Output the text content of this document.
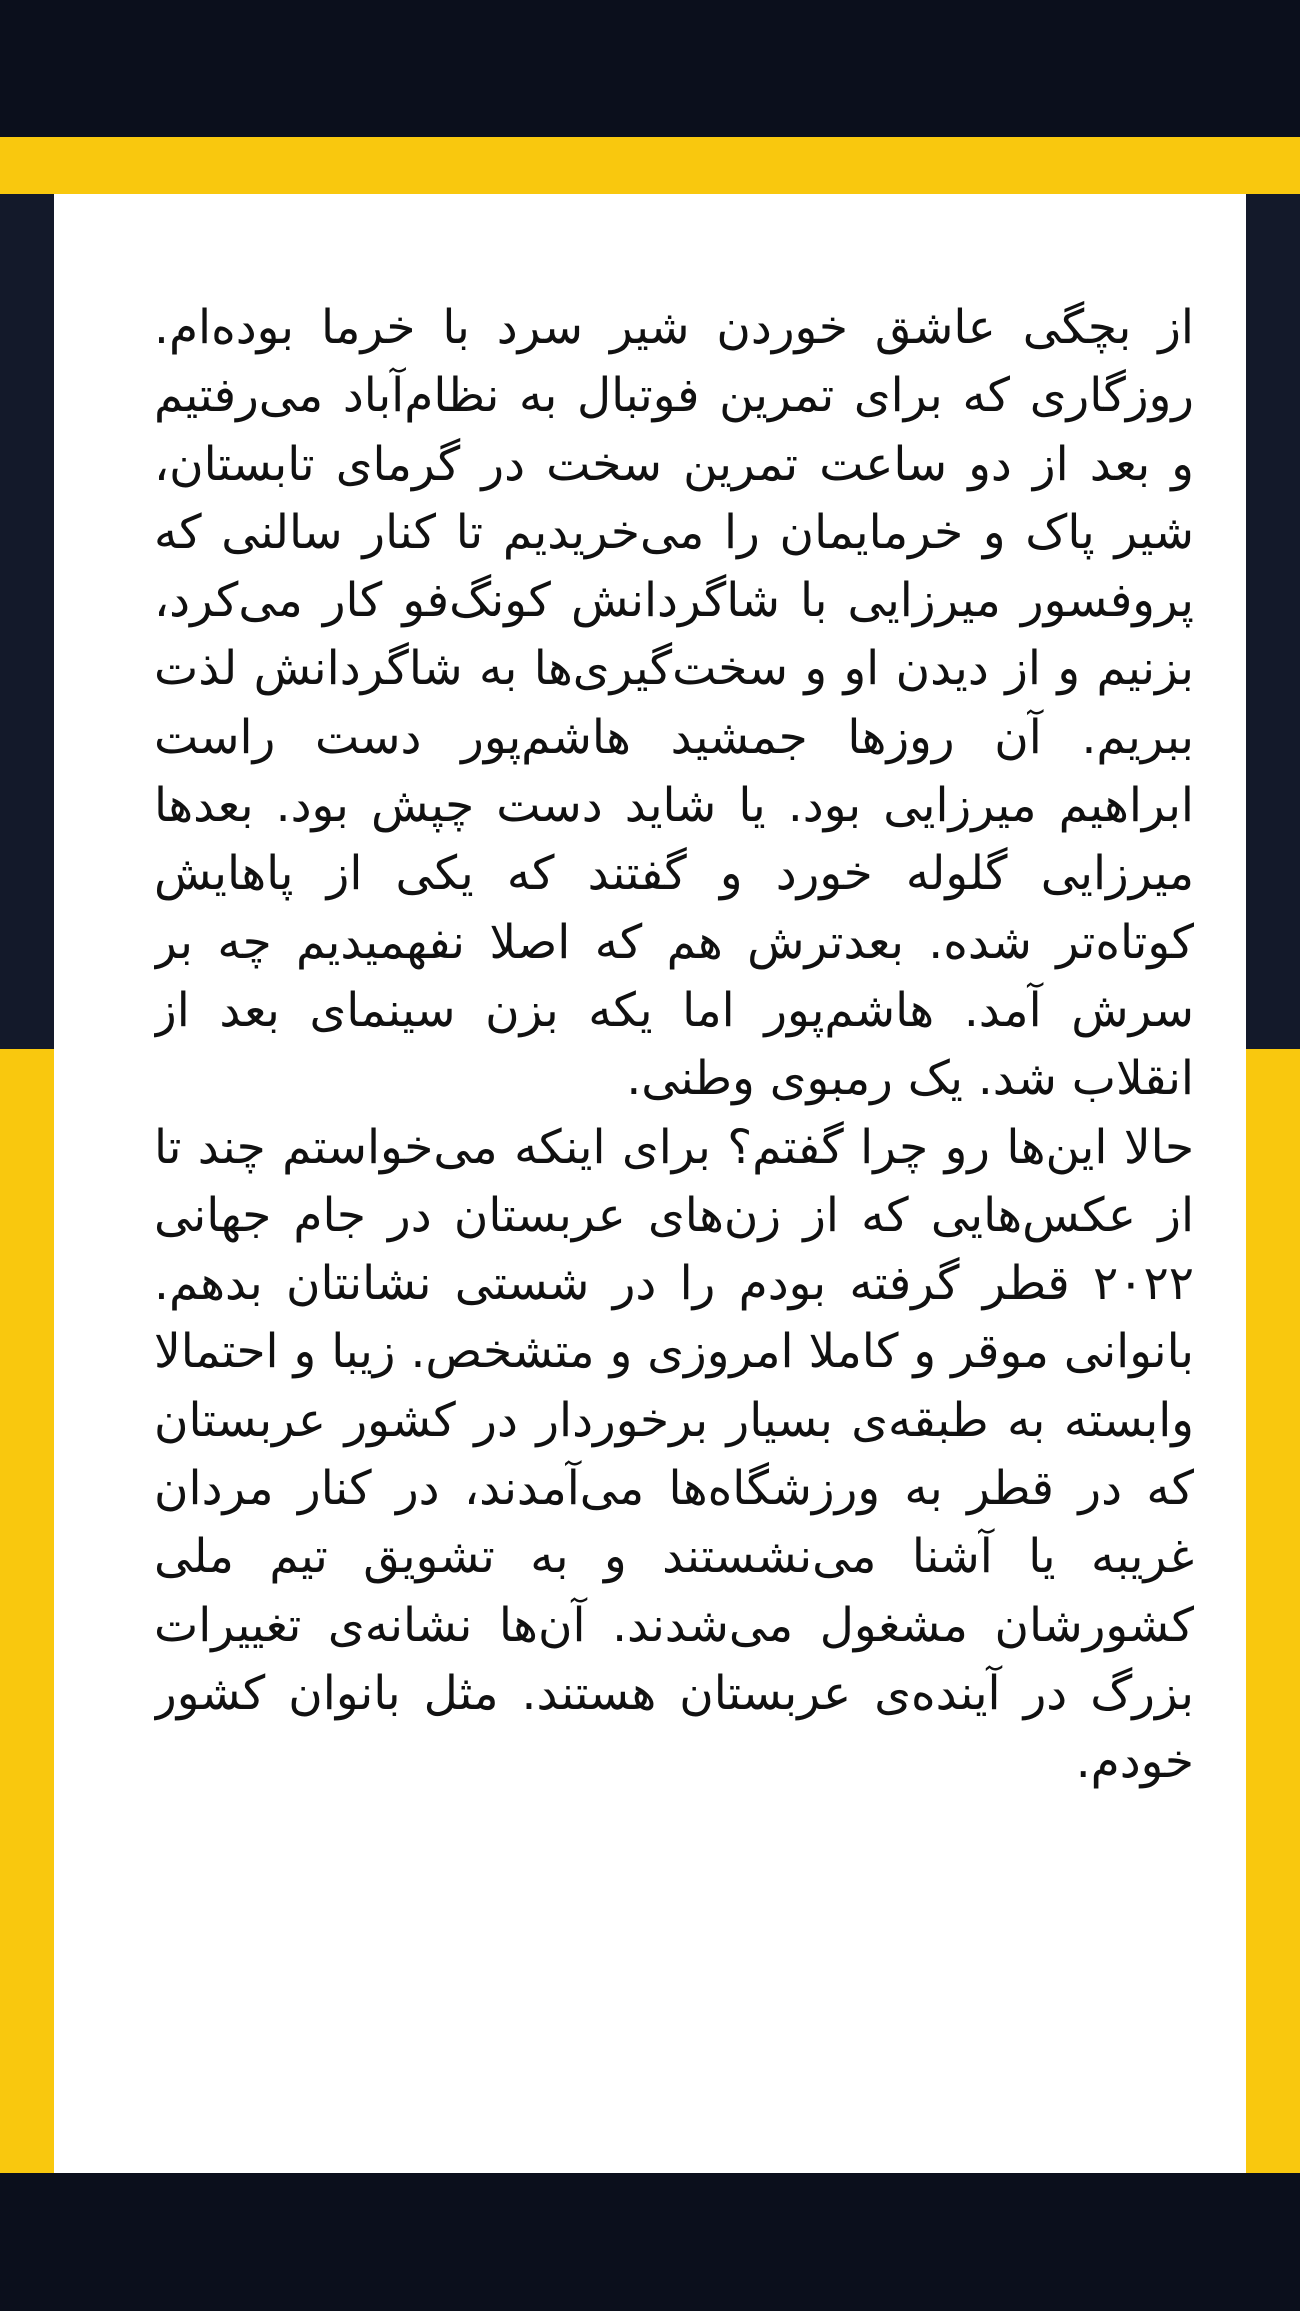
از بچگی عاشق خوردن شیر سرد با خرما بوده‌ام. روزگاری که برای تمرین فوتبال به نظام‌آباد می‌رفتیم و بعد از دو ساعت تمرین سخت در گرمای تابستان، شیر پاک و خرمایمان را می‌خریدیم تا کنار سالنی که پروفسور میرزایی با شاگردانش کونگ‌فو کار می‌کرد، بزنیم و از دیدن او و سخت‌گیری‌ها به شاگردانش لذت ببریم. آن روزها جمشید هاشم‌پور دست راست ابراهیم میرزایی بود. یا شاید دست چپش بود. بعدها میرزایی گلوله خورد و گفتند که یکی از پاهایش کوتاه‌تر شده. بعدترش هم که اصلا نفهمیدیم چه بر سرش آمد. هاشم‌پور اما یکه بزن سینمای بعد از انقلاب شد. یک رمبوی وطنی.

حالا این‌ها رو چرا گفتم؟ برای اینکه می‌خواستم چند تا از عکس‌هایی که از زن‌های عربستان در جام جهانی ۲۰۲۲ قطر گرفته بودم را در شستی نشانتان بدهم. بانوانی موقر و کاملا امروزی و متشخص. زیبا و احتمالا وابسته به طبقه‌ی بسیار برخوردار در کشور عربستان که در قطر به ورزشگاه‌ها می‌آمدند، در کنار مردان غریبه یا آشنا می‌نشستند و به تشویق تیم ملی کشورشان مشغول می‌شدند. آن‌ها نشانه‌ی تغییرات بزرگ در آینده‌ی عربستان هستند. مثل بانوان کشور خودم.
